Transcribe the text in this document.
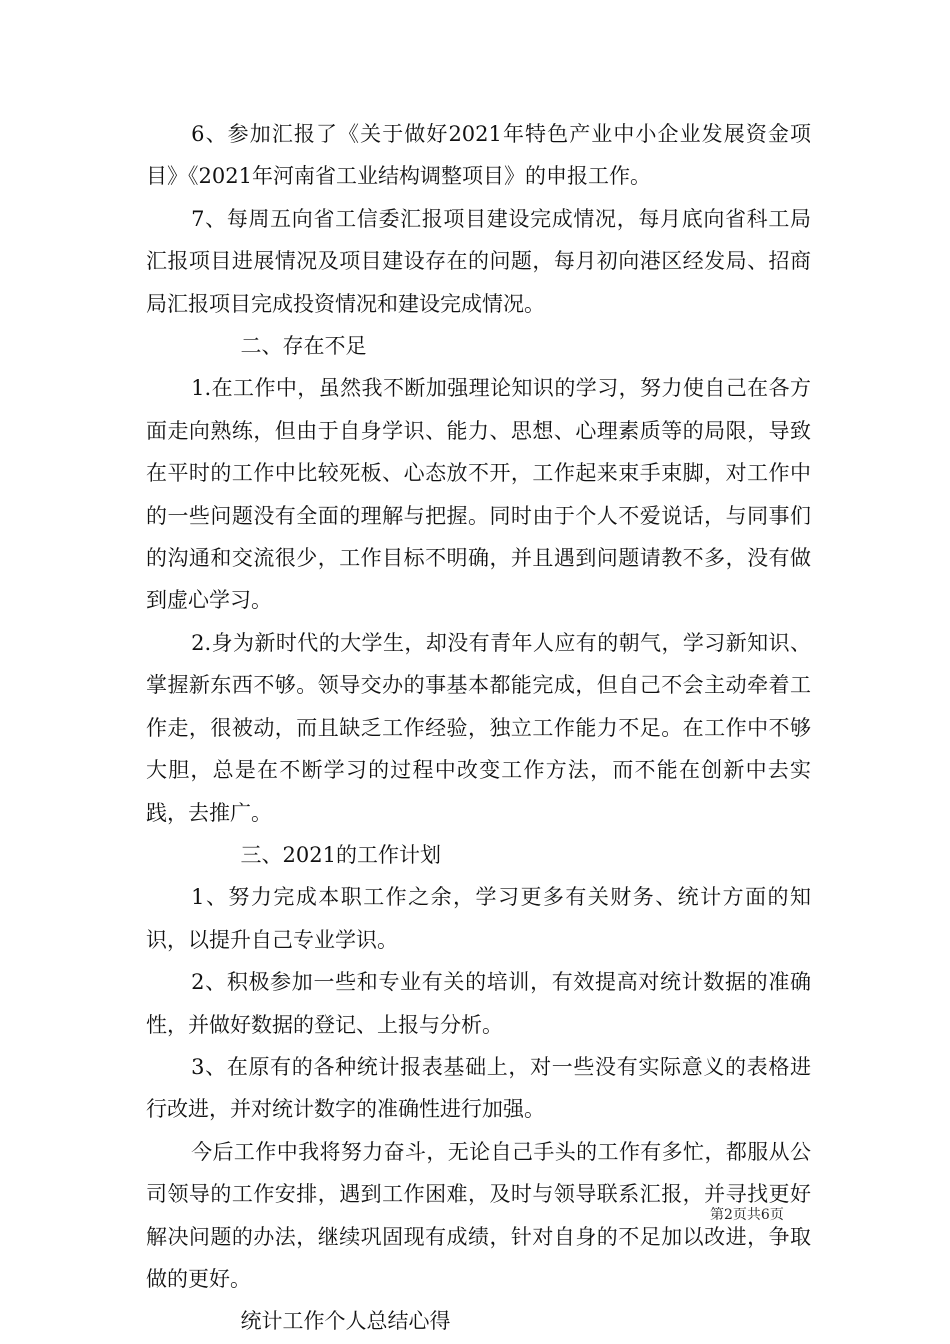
6、参加汇报了《关于做好2021年特色产业中小企业发展资金项目》《2021年河南省工业结构调整项目》的申报工作。

7、每周五向省工信委汇报项目建设完成情况，每月底向省科工局汇报项目进展情况及项目建设存在的问题，每月初向港区经发局、招商局汇报项目完成投资情况和建设完成情况。

二、存在不足

1.在工作中，虽然我不断加强理论知识的学习，努力使自己在各方面走向熟练，但由于自身学识、能力、思想、心理素质等的局限，导致在平时的工作中比较死板、心态放不开，工作起来束手束脚，对工作中的一些问题没有全面的理解与把握。同时由于个人不爱说话，与同事们的沟通和交流很少，工作目标不明确，并且遇到问题请教不多，没有做到虚心学习。

2.身为新时代的大学生，却没有青年人应有的朝气，学习新知识、掌握新东西不够。领导交办的事基本都能完成，但自己不会主动牵着工作走，很被动，而且缺乏工作经验，独立工作能力不足。在工作中不够大胆，总是在不断学习的过程中改变工作方法，而不能在创新中去实践，去推广。

三、2021的工作计划

1、努力完成本职工作之余，学习更多有关财务、统计方面的知识，以提升自己专业学识。

2、积极参加一些和专业有关的培训，有效提高对统计数据的准确性，并做好数据的登记、上报与分析。

3、在原有的各种统计报表基础上，对一些没有实际意义的表格进行改进，并对统计数字的准确性进行加强。

今后工作中我将努力奋斗，无论自己手头的工作有多忙，都服从公司领导的工作安排，遇到工作困难，及时与领导联系汇报，并寻找更好解决问题的办法，继续巩固现有成绩，针对自身的不足加以改进，争取做的更好。

统计工作个人总结心得

第2页共6页
